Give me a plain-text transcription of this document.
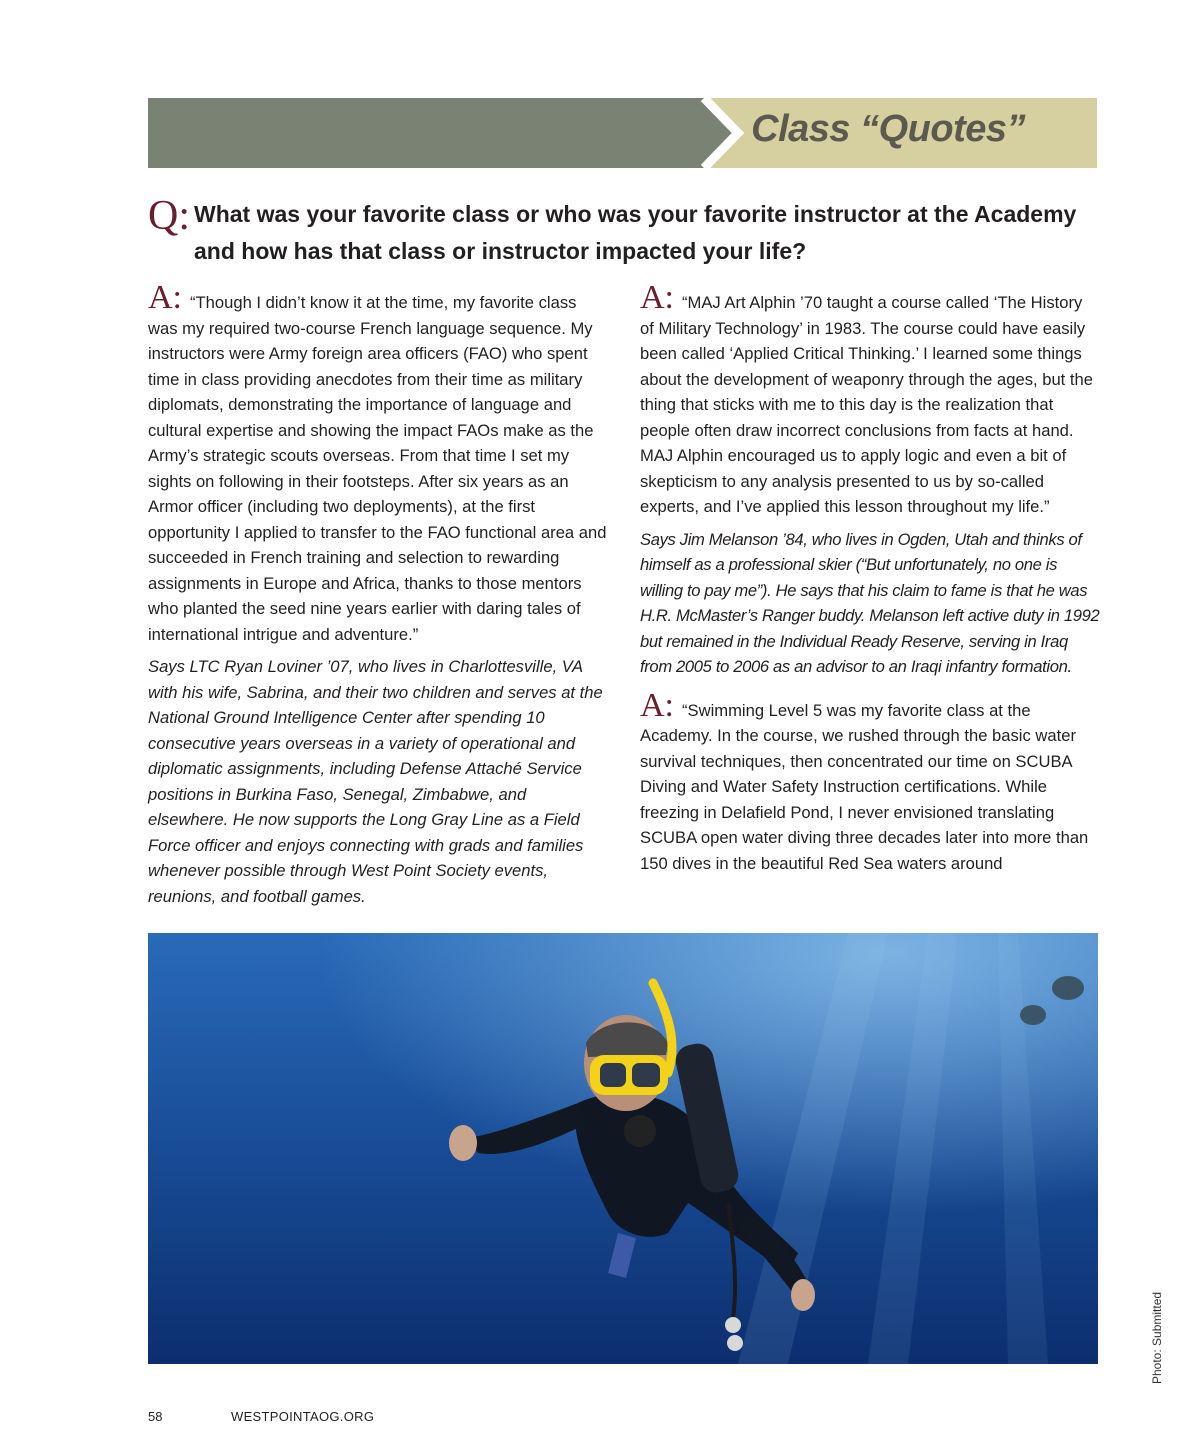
Class “Quotes”
Q: What was your favorite class or who was your favorite instructor at the Academy and how has that class or instructor impacted your life?

A: “Though I didn’t know it at the time, my favorite class was my required two-course French language sequence. My instructors were Army foreign area officers (FAO) who spent time in class providing anecdotes from their time as military diplomats, demonstrating the importance of language and cultural expertise and showing the impact FAOs make as the Army’s strategic scouts overseas. From that time I set my sights on following in their footsteps. After six years as an Armor officer (including two deployments), at the first opportunity I applied to transfer to the FAO functional area and succeeded in French training and selection to rewarding assignments in Europe and Africa, thanks to those mentors who planted the seed nine years earlier with daring tales of international intrigue and adventure.”

Says LTC Ryan Loviner ’07, who lives in Charlottesville, VA with his wife, Sabrina, and their two children and serves at the National Ground Intelligence Center after spending 10 consecutive years overseas in a variety of operational and diplomatic assignments, including Defense Attaché Service positions in Burkina Faso, Senegal, Zimbabwe, and elsewhere. He now supports the Long Gray Line as a Field Force officer and enjoys connecting with grads and families whenever possible through West Point Society events, reunions, and football games.

A: “MAJ Art Alphin ’70 taught a course called ‘The History of Military Technology’ in 1983. The course could have easily been called ‘Applied Critical Thinking.’ I learned some things about the development of weaponry through the ages, but the thing that sticks with me to this day is the realization that people often draw incorrect conclusions from facts at hand. MAJ Alphin encouraged us to apply logic and even a bit of skepticism to any analysis presented to us by so-called experts, and I’ve applied this lesson throughout my life.”

Says Jim Melanson ’84, who lives in Ogden, Utah and thinks of himself as a professional skier (“But unfortunately, no one is willing to pay me”). He says that his claim to fame is that he was H.R. McMaster’s Ranger buddy. Melanson left active duty in 1992 but remained in the Individual Ready Reserve, serving in Iraq from 2005 to 2006 as an advisor to an Iraqi infantry formation.

A: “Swimming Level 5 was my favorite class at the Academy. In the course, we rushed through the basic water survival techniques, then concentrated our time on SCUBA Diving and Water Safety Instruction certifications. While freezing in Delafield Pond, I never envisioned translating SCUBA open water diving three decades later into more than 150 dives in the beautiful Red Sea waters around

Photo: Submitted
58	WESTPOINTAOG.ORG
